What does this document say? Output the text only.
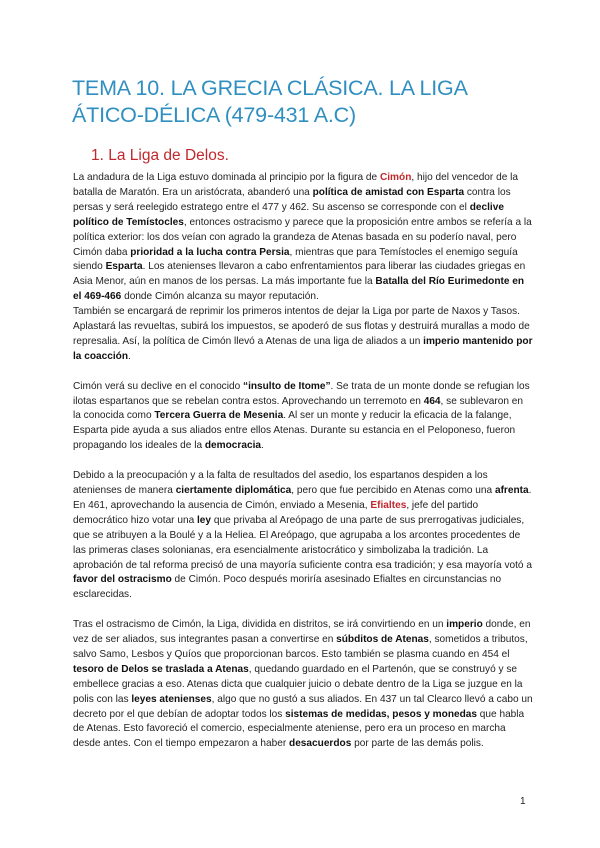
TEMA 10. LA GRECIA CLÁSICA. LA LIGA ÁTICO-DÉLICA (479-431 A.C)
1. La Liga de Delos.

La andadura de la Liga estuvo dominada al principio por la figura de Cimón, hijo del vencedor de la batalla de Maratón. Era un aristócrata, abanderó una política de amistad con Esparta contra los persas y será reelegido estratego entre el 477 y 462. Su ascenso se corresponde con el declive político de Temístocles, entonces ostracismo y parece que la proposición entre ambos se refería a la política exterior: los dos veían con agrado la grandeza de Atenas basada en su poderío naval, pero Cimón daba prioridad a la lucha contra Persia, mientras que para Temístocles el enemigo seguía siendo Esparta. Los atenienses llevaron a cabo enfrentamientos para liberar las ciudades griegas en Asia Menor, aún en manos de los persas. La más importante fue la Batalla del Río Eurimedonte en el 469-466 donde Cimón alcanza su mayor reputación.

También se encargará de reprimir los primeros intentos de dejar la Liga por parte de Naxos y Tasos. Aplastará las revueltas, subirá los impuestos, se apoderó de sus flotas y destruirá murallas a modo de represalia. Así, la política de Cimón llevó a Atenas de una liga de aliados a un imperio mantenido por la coacción.

Cimón verá su declive en el conocido “insulto de Itome”. Se trata de un monte donde se refugian los ilotas espartanos que se rebelan contra estos. Aprovechando un terremoto en 464, se sublevaron en la conocida como Tercera Guerra de Mesenia. Al ser un monte y reducir la eficacia de la falange, Esparta pide ayuda a sus aliados entre ellos Atenas. Durante su estancia en el Peloponeso, fueron propagando los ideales de la democracia.

Debido a la preocupación y a la falta de resultados del asedio, los espartanos despiden a los atenienses de manera ciertamente diplomática, pero que fue percibido en Atenas como una afrenta. En 461, aprovechando la ausencia de Cimón, enviado a Mesenia, Efialtes, jefe del partido democrático hizo votar una ley que privaba al Areópago de una parte de sus prerrogativas judiciales, que se atribuyen a la Boulé y a la Heliea. El Areópago, que agrupaba a los arcontes procedentes de las primeras clases solonianas, era esencialmente aristocrático y simbolizaba la tradición. La aprobación de tal reforma precisó de una mayoría suficiente contra esa tradición; y esa mayoría votó a favor del ostracismo de Cimón. Poco después moriría asesinado Efialtes en circunstancias no esclarecidas.

Tras el ostracismo de Cimón, la Liga, dividida en distritos, se irá convirtiendo en un imperio donde, en vez de ser aliados, sus integrantes pasan a convertirse en súbditos de Atenas, sometidos a tributos, salvo Samo, Lesbos y Quíos que proporcionan barcos. Esto también se plasma cuando en 454 el tesoro de Delos se traslada a Atenas, quedando guardado en el Partenón, que se construyó y se embellece gracias a eso. Atenas dicta que cualquier juicio o debate dentro de la Liga se juzgue en la polis con las leyes atenienses, algo que no gustó a sus aliados. En 437 un tal Clearco llevó a cabo un decreto por el que debían de adoptar todos los sistemas de medidas, pesos y monedas que habla de Atenas. Esto favoreció el comercio, especialmente ateniense, pero era un proceso en marcha desde antes. Con el tiempo empezaron a haber desacuerdos por parte de las demás polis.

1
